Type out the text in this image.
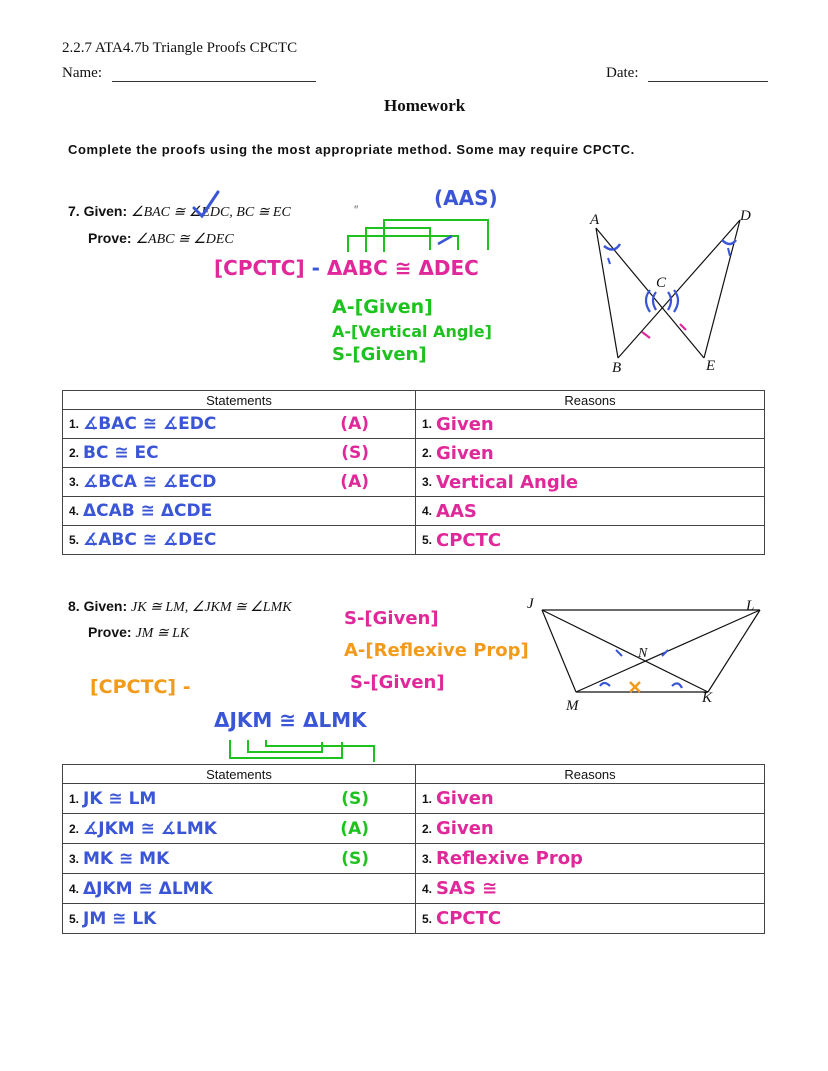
2.2.7 ATA4.7b Triangle Proofs CPCTC
Name:	Date:
Homework
Complete the proofs using the most appropriate method. Some may require CPCTC.
7. Given: ∠BAC ≅ ∠EDC, BC ≅ EC
Prove: ∠ABC ≅ ∠DEC
″	(AAS)
[CPCTC] - ΔABC ≅ ΔDEC
A-[Given]
A-[Vertical Angle]
S-[Given]
A	D
C
B	E
Statements	Reasons

1. ∡BAC ≅ ∡EDC (A)	1. Given

2. BC ≅ EC (S)	2. Given

3. ∡BCA ≅ ∡ECD (A)	3. Vertical Angle

4. ΔCAB ≅ ΔCDE	4. AAS

5. ∡ABC ≅ ∡DEC	5. CPCTC
8. Given: JK ≅ LM, ∠JKM ≅ ∠LMK
Prove: JM ≅ LK
S-[Given]
A-[Reflexive Prop]
S-[Given]
[CPCTC] -
ΔJKM ≅ ΔLMK
J	L
N
M	K
Statements	Reasons

1. JK ≅ LM (S)	1. Given

2. ∡JKM ≅ ∡LMK (A)	2. Given

3. MK ≅ MK (S)	3. Reflexive Prop

4. ΔJKM ≅ ΔLMK	4. SAS ≅

5. JM ≅ LK	5. CPCTC
